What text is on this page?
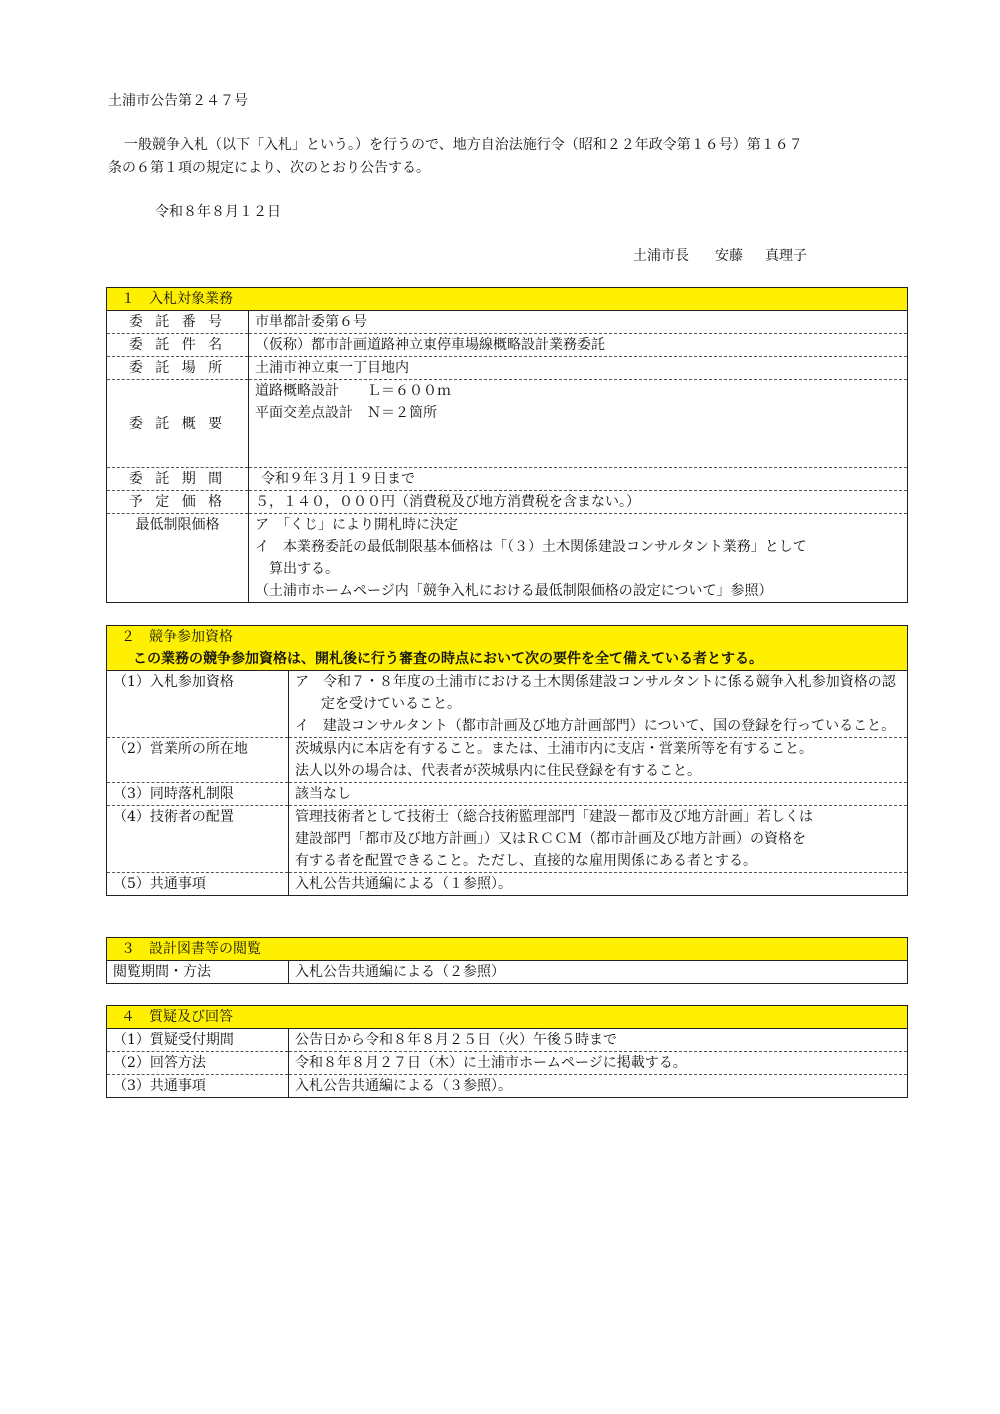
土浦市公告第２４７号
一般競争入札（以下「入札」という。）を行うので、地方自治法施行令（昭和２２年政令第１６号）第１６７
条の６第１項の規定により、次のとおり公告する。
令和８年８月１２日
土浦市長 安藤 真理子
１　入札対象業務	
委 託 番 号	市単都計委第６号
委 託 件 名	（仮称）都市計画道路神立東停車場線概略設計業務委託
委 託 場 所	土浦市神立東一丁目地内
委 託 概 要	道路概略設計　　Ｌ＝６００ｍ
平面交差点設計　Ｎ＝２箇所

委 託 期 間	令和９年３月１９日まで
予 定 価 格	５，１４０，０００円（消費税及び地方消費税を含まない。）
最低制限価格	ア　「くじ」により開札時に決定
イ　本業務委託の最低制限基本価格は「（３）土木関係建設コンサルタント業務」として
算出する。
（土浦市ホームページ内「競争入札における最低制限価格の設定について」参照）
２　競争参加資格
この業務の競争参加資格は、開札後に行う審査の時点において次の要件を全て備えている者とする。	

（1）入札参加資格	ア　令和７・８年度の土浦市における土木関係建設コンサルタントに係る競争入札参加資格の認定を受けていること。
イ　建設コンサルタント（都市計画及び地方計画部門）について、国の登録を行っていること。

（2）営業所の所在地	茨城県内に本店を有すること。または、土浦市内に支店・営業所等を有すること。
法人以外の場合は、代表者が茨城県内に住民登録を有すること。

（3）同時落札制限	該当なし
（4）技術者の配置	管理技術者として技術士（総合技術監理部門「建設－都市及び地方計画」若しくは
建設部門「都市及び地方計画」）又はＲＣＣＭ（都市計画及び地方計画）の資格を
有する者を配置できること。ただし、直接的な雇用関係にある者とする。

（5）共通事項	入札公告共通編による（１参照）。
３　設計図書等の閲覧
閲覧期間・方法	入札公告共通編による（２参照）
４　質疑及び回答	
（1）質疑受付期間	公告日から令和８年８月２５日（火）午後５時まで
（2）回答方法	令和８年８月２７日（木）に土浦市ホームページに掲載する。
（3）共通事項	入札公告共通編による（３参照）。
